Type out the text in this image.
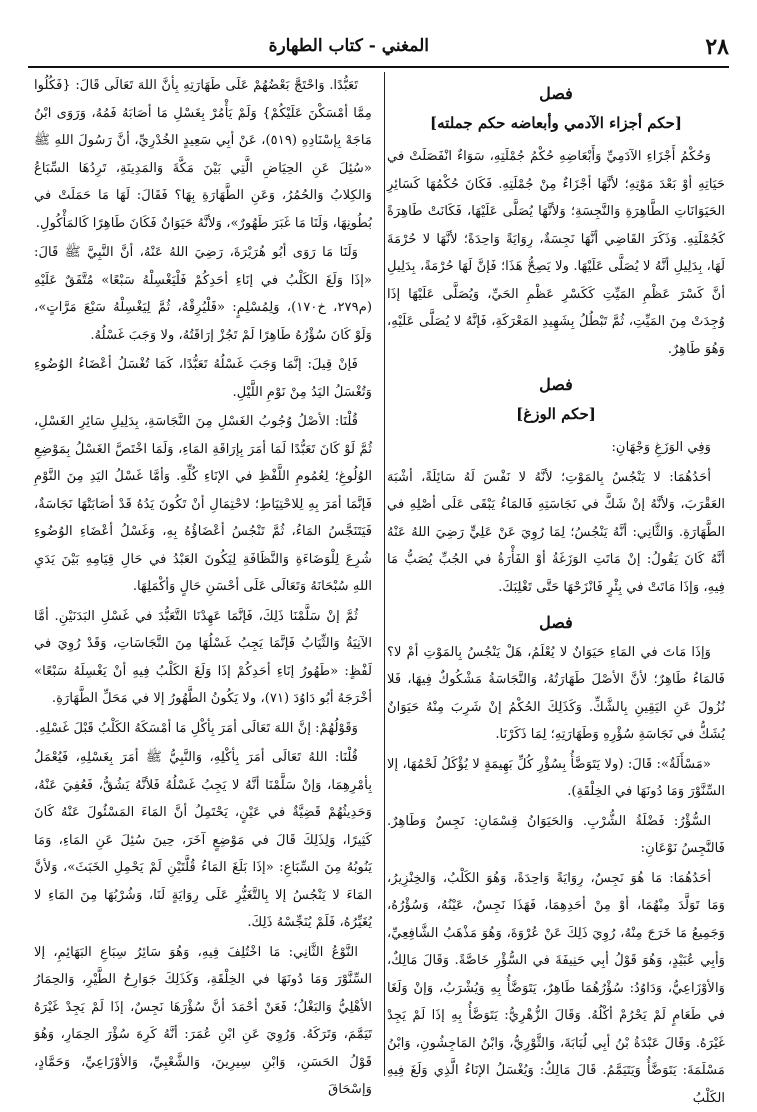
٢٨
المغني - كتاب الطهارة
فصل
[حكم أجزاء الآدمي وأبعاضه حكم جملته]

وَحُكْمُ أَجْزَاءِ الآدَمِيِّ وَأَبْعَاضِهِ حُكْمُ جُمْلَتِهِ، سَوَاءٌ انْفَصَلَتْ في حَيَاتِهِ أوْ بَعْدَ مَوْتِهِ؛ لأنَّهَا أجْزَاءٌ مِنْ جُمْلَتِهِ. فَكَانَ حُكْمُهَا كَسَائِرِ الحَيَوَانَاتِ الطَّاهِرَةِ وَالنَّجِسَةِ؛ وَلأنَّهَا يُصَلَّى عَلَيْهَا، فَكَانَتْ طَاهِرَةً كَجُمْلَتِهِ. وَذَكَرَ القَاضِي أنَّهَا نَجِسَةٌ، رِوَايَةً وَاحِدَةً؛ لأنَّهَا لا حُرْمَةَ لَهَا، بِدَلِيلِ أنَّهُ لا يُصَلَّى عَلَيْهَا. ولا يَصِحُّ هَذَا؛ فَإنَّ لَهَا حُرْمَةً، بِدَلِيلِ أنَّ كَسْرَ عَظْمِ المَيِّتِ كَكَسْرِ عَظْمِ الحَيِّ، وَيُصَلَّى عَلَيْهَا إذَا وُجِدَتْ مِنَ المَيِّتِ، ثُمَّ تَبْطُلُ بِشَهِيدِ المَعْرَكَةِ، فَإنَّهُ لا يُصَلَّى عَلَيْهِ، وَهُوَ طَاهِرٌ.

فصل
[حكم الوزغ]

وَفِي الوَزَغِ وَجْهَانِ:

أحَدُهُمَا: لا يَنْجُسُ بِالمَوْتِ؛ لأنَّهُ لا نَفْسَ لَهُ سَائِلَةً، أشْبَهَ العَقْرَبَ، وَلأنَّهُ إنْ شَكَّ في نَجَاسَتِهِ فَالمَاءُ يَبْقَى عَلَى أصْلِهِ في الطَّهَارَةِ. وَالثَّانِي: أنَّهُ يَنْجُسُ؛ لِمَا رُوِيَ عَنْ عَلِيٍّ رَضِيَ اللهُ عَنْهُ أنَّهُ كَانَ يَقُولُ: إنْ مَاتَتِ الوَزَغَةُ أوْ الفَأْرَةُ في الجُبِّ يُصَبُّ مَا فِيهِ، وَإذَا مَاتَتْ في بِئْرٍ فَانْزَحْهَا حَتَّى تَغْلِبَكَ.

فصل

وَإذَا مَاتَ في المَاءِ حَيَوَانٌ لا يُعْلَمُ، هَلْ يَنْجُسُ بِالمَوْتِ أمْ لا؟ فَالمَاءُ طَاهِرٌ؛ لأنَّ الأصْلَ طَهَارَتُهُ، وَالنَّجَاسَةُ مَشْكُوكٌ فِيهَا، فَلا نُزُولَ عَنِ اليَقِينِ بِالشَّكِّ. وَكَذَلِكَ الحُكْمُ إنْ شَرِبَ مِنْهُ حَيَوَانٌ يُشَكُّ في نَجَاسَةِ سُؤْرِهِ وَطَهَارَتِهِ؛ لِمَا ذَكَرْنَا.

«مَسْأَلَةٌ»: قَالَ: (ولا يَتَوَضَّأُ بِسُؤْرِ كُلِّ بَهِيمَةٍ لا يُؤْكَلُ لَحْمُهَا، إلا السِّنَّوْرَ وَمَا دُونَهَا في الخِلْقَةِ).

السُّؤْرُ: فَضْلَةُ الشُّرْبِ. وَالحَيَوَانُ قِسْمَانِ: نَجِسٌ وَطَاهِرٌ. فَالنَّجِسُ نَوْعَانِ:

أحَدُهُمَا: مَا هُوَ نَجِسٌ، رِوَايَةً وَاحِدَةً، وَهُوَ الكَلْبُ، وَالخِنْزِيرُ، وَمَا تَوَلَّدَ مِنْهُمَا، أوْ مِنْ أحَدِهِمَا، فَهَذَا نَجِسٌ، عَيْنُهُ، وَسُؤْرُهُ، وَجَمِيعُ مَا خَرَجَ مِنْهُ، رُوِيَ ذَلِكَ عَنْ عُرْوَةَ، وَهُوَ مَذْهَبُ الشَّافِعِيِّ، وَأبِي عُبَيْدٍ، وَهُوَ قَوْلُ أبِي حَنِيفَةَ في السُّؤْرِ خَاصَّةً. وَقَالَ مَالِكٌ، وَالأوْزَاعِيُّ، وَدَاوُدُ: سُؤْرُهُمَا طَاهِرٌ، يَتَوَضَّأُ بِهِ وَيُشْرَبُ، وَإنْ وَلَغَا في طَعَامٍ لَمْ يَحْرُمْ أكْلُهُ. وَقَالَ الزُّهْرِيُّ: يَتَوَضَّأُ بِهِ إذَا لَمْ يَجِدْ غَيْرَهُ. وَقَالَ عَبْدَةُ بْنُ أبِي لُبَابَةَ، وَالثَّوْرِيُّ، وَابْنُ المَاجِشُونِ، وَابْنُ مَسْلَمَةَ: يَتَوَضَّأُ وَيَتَيَمَّمُ. قَالَ مَالِكٌ: وَيُغْسَلُ الإنَاءُ الَّذِي وَلَغَ فِيهِ الكَلْبُ

تَعَبُّدًا. وَاحْتَجَّ بَعْضُهُمْ عَلَى طَهَارَتِهِ بِأنَّ اللهَ تَعَالَى قَالَ: {فَكُلُوا مِمَّا أمْسَكْنَ عَلَيْكُمْ} وَلَمْ يَأْمُرْ بِغَسْلِ مَا أصَابَهُ فَمُهُ، وَرَوَى ابْنُ مَاجَهْ بِإسْنَادِهِ (٥١٩)، عَنْ أبِي سَعِيدٍ الخُدْرِيِّ، أنَّ رَسُولَ اللهِ ﷺ «سُئِلَ عَنِ الحِيَاضِ الَّتِي بَيْنَ مَكَّةَ وَالمَدِينَةِ، تَرِدُهَا السِّبَاعُ وَالكِلابُ وَالحُمُرُ، وَعَنِ الطَّهَارَةِ بِهَا؟ فَقَالَ: لَهَا مَا حَمَلَتْ في بُطُونِهَا، وَلَنَا مَا غَبَرَ طَهُورٌ»، وَلأنَّهُ حَيَوَانٌ فَكَانَ طَاهِرًا كَالمَأْكُولِ.

وَلَنَا مَا رَوَى أبُو هُرَيْرَةَ، رَضِيَ اللهُ عَنْهُ، أنَّ النَّبِيَّ ﷺ قَالَ: «إذَا وَلَغَ الكَلْبُ في إنَاءِ أحَدِكُمْ فَلْيَغْسِلْهُ سَبْعًا» مُتَّفَقٌ عَلَيْهِ (م٢٧٩، خ١٧٠)، وَلِمُسْلِمٍ: «فَلْيُرِقْهُ، ثُمَّ لِيَغْسِلْهُ سَبْعَ مَرَّاتٍ»، وَلَوْ كَانَ سُؤْرُهُ طَاهِرًا لَمْ تَجُزْ إرَاقَتُهُ، ولا وَجَبَ غَسْلُهُ.

فَإنْ قِيلَ: إنَّمَا وَجَبَ غَسْلُهُ تَعَبُّدًا، كَمَا تُغْسَلُ أعْضَاءُ الوُضُوءِ وَتُغْسَلُ اليَدُ مِنْ نَوْمِ اللَّيْلِ.

قُلْنَا: الأصْلُ وُجُوبُ الغَسْلِ مِنَ النَّجَاسَةِ، بِدَلِيلِ سَائِرِ الغَسْلِ، ثُمَّ لَوْ كَانَ تَعَبُّدًا لَمَا أمَرَ بِإرَاقَةِ المَاءِ، وَلَمَا اخْتَصَّ الغَسْلُ بِمَوْضِعِ الوُلُوغِ؛ لِعُمُومِ اللَّفْظِ في الإنَاءِ كُلِّهِ. وَأمَّا غَسْلُ اليَدِ مِنَ النَّوْمِ فَإنَّمَا أمَرَ بِهِ لِلاحْتِيَاطِ؛ لاحْتِمَالِ أنْ تَكُونَ يَدُهُ قَدْ أصَابَتْهَا نَجَاسَةٌ، فَيَتَنَجَّسُ المَاءُ، ثُمَّ تَنْجُسُ أعْضَاؤُهُ بِهِ، وَغَسْلُ أعْضَاءِ الوُضُوءِ شُرِعَ لِلْوَضَاءَةِ وَالنَّظَافَةِ لِيَكُونَ العَبْدُ في حَالِ قِيَامِهِ بَيْنَ يَدَيِ اللهِ سُبْحَانَهُ وَتَعَالَى عَلَى أحْسَنِ حَالٍ وَأكْمَلِهَا.

ثُمَّ إنْ سَلَّمْنَا ذَلِكَ، فَإنَّمَا عَهِدْنَا التَّعَبُّدَ في غَسْلِ البَدَنَيْنِ. أمَّا الآنِيَةُ وَالثِّيَابُ فَإنَّمَا يَجِبُ غَسْلُهَا مِنَ النَّجَاسَاتِ، وَقَدْ رُوِيَ في لَفْظٍ: «طَهُورُ إنَاءِ أحَدِكُمْ إذَا وَلَغَ الكَلْبُ فِيهِ أنْ يَغْسِلَهُ سَبْعًا» أخْرَجَهُ أبُو دَاوُدَ (٧١)، ولا يَكُونُ الطَّهُورُ إلا في مَحَلِّ الطَّهَارَةِ.

وَقَوْلُهُمْ: إنَّ اللهَ تَعَالَى أمَرَ بِأكْلِ مَا أمْسَكَهُ الكَلْبُ قَبْلَ غَسْلِهِ.

قُلْنَا: اللهُ تَعَالَى أمَرَ بِأكْلِهِ، وَالنَّبِيُّ ﷺ أمَرَ بِغَسْلِهِ، فَيُعْمَلُ بِأمْرِهِمَا، وَإنْ سَلَّمْنَا أنَّهُ لا يَجِبُ غَسْلُهُ فَلأنَّهُ يَشُقُّ، فَعُفِيَ عَنْهُ، وَحَدِيثُهُمْ قَضِيَّةٌ في عَيْنٍ، يَحْتَمِلُ أنَّ المَاءَ المَسْئُولَ عَنْهُ كَانَ كَثِيرًا، وَلِذَلِكَ قَالَ في مَوْضِعٍ آخَرَ، حِينَ سُئِلَ عَنِ المَاءِ، وَمَا يَنُوبُهُ مِنَ السِّبَاعِ: «إذَا بَلَغَ المَاءُ قُلَّتَيْنِ لَمْ يَحْمِلِ الخَبَثَ»، وَلأنَّ المَاءَ لا يَنْجُسُ إلا بِالتَّغَيُّرِ عَلَى رِوَايَةٍ لَنَا، وَشُرْبُهَا مِنَ المَاءِ لا يُغَيِّرُهُ، فَلَمْ يُنَجِّسْهُ ذَلِكَ.

النَّوْعُ الثَّانِي: مَا اخْتُلِفَ فِيهِ، وَهُوَ سَائِرُ سِبَاعِ البَهَائِمِ، إلا السِّنَّوْرَ وَمَا دُونَهَا في الخِلْقَةِ، وَكَذَلِكَ جَوَارِحُ الطَّيْرِ، وَالحِمَارُ الأهْلِيُّ وَالبَغْلُ؛ فَعَنْ أحْمَدَ أنَّ سُؤْرَهَا نَجِسٌ، إذَا لَمْ يَجِدْ غَيْرَهُ تَيَمَّمَ، وَتَرَكَهُ. وَرُوِيَ عَنِ ابْنِ عُمَرَ: أنَّهُ كَرِهَ سُؤْرَ الحِمَارِ، وَهُوَ قَوْلُ الحَسَنِ، وَابْنِ سِيرِينَ، وَالشَّعْبِيِّ، وَالأوْزَاعِيِّ، وَحَمَّادٍ، وَإسْحَاقَ
